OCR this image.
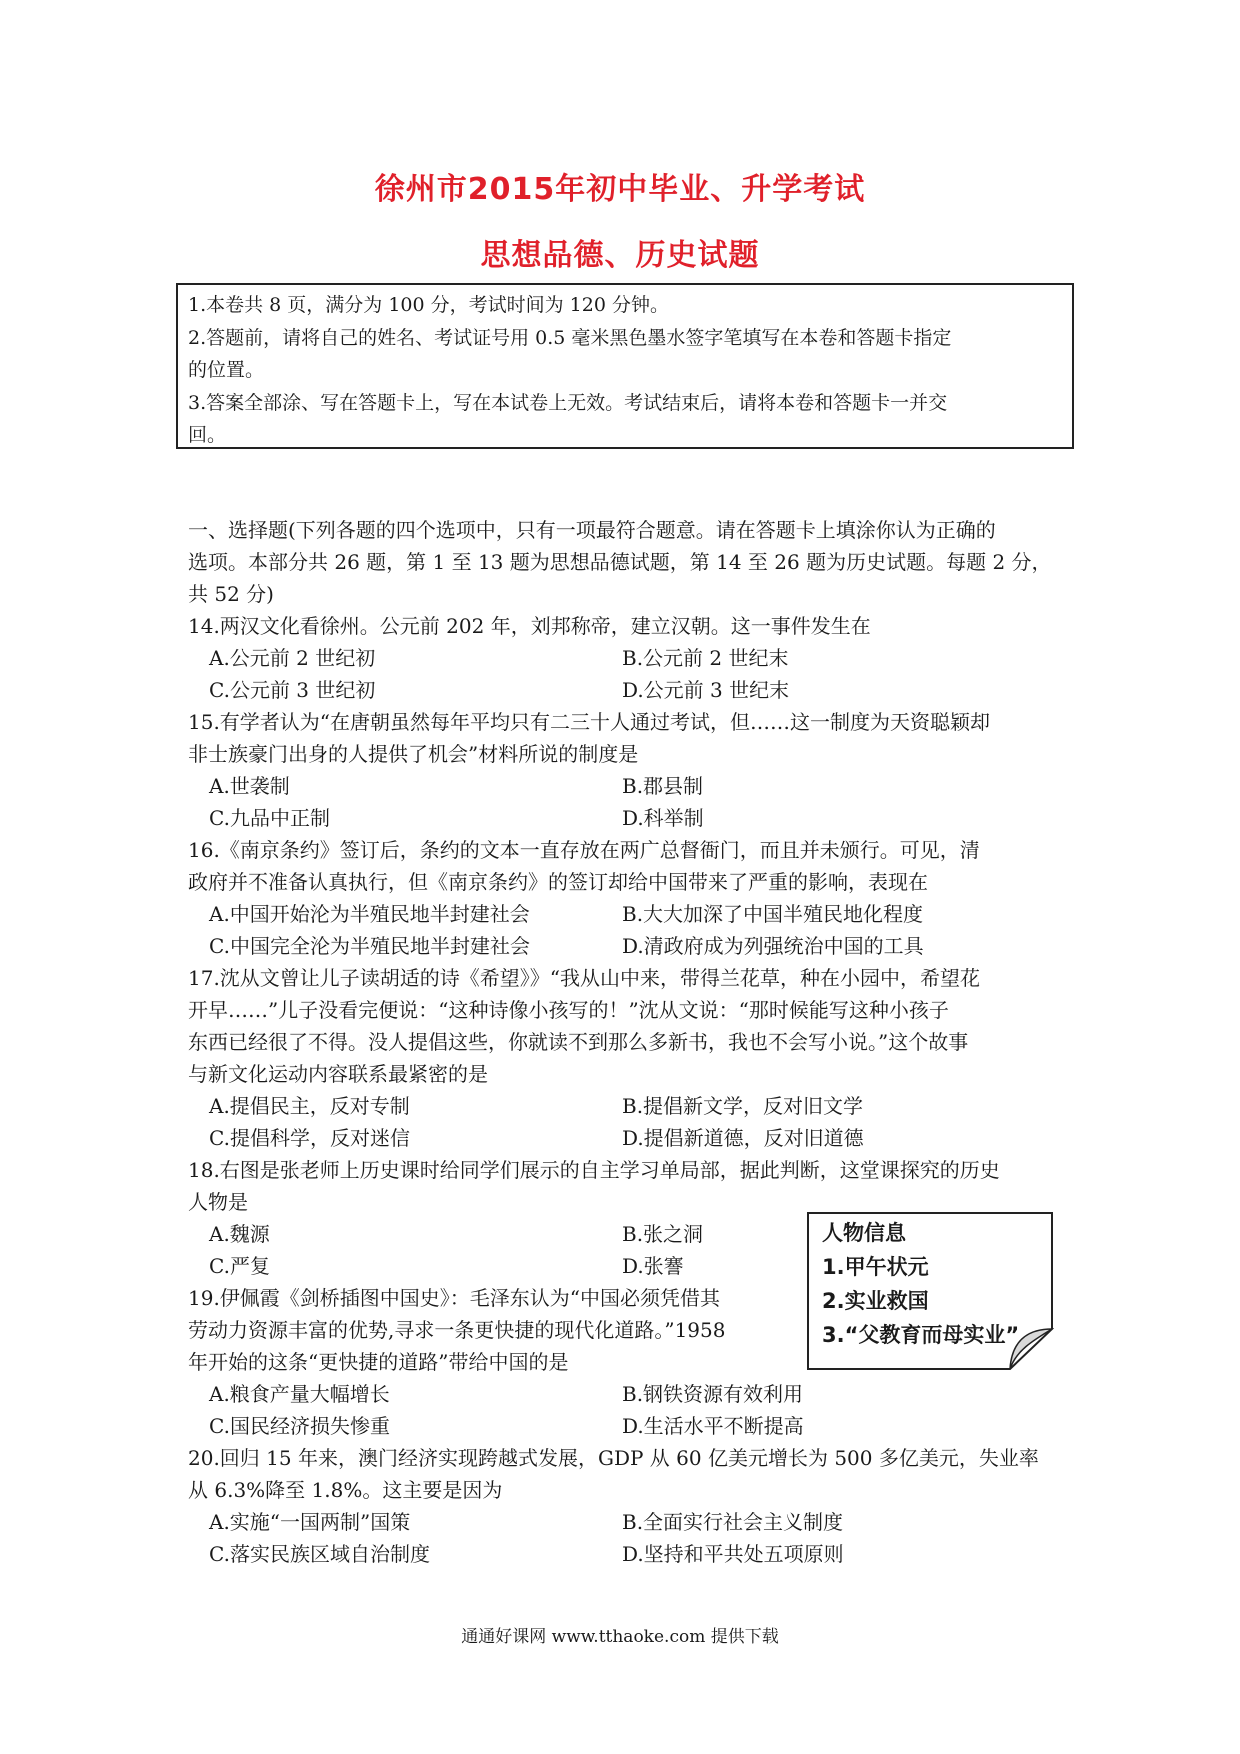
徐州市2015年初中毕业、升学考试
思想品德、历史试题

1.本卷共 8 页，满分为 100 分，考试时间为 120 分钟。

2.答题前，请将自己的姓名、考试证号用 0.5 毫米黑色墨水签字笔填写在本卷和答题卡指定

的位置。

3.答案全部涂、写在答题卡上，写在本试卷上无效。考试结束后，请将本卷和答题卡一并交

回。

一、选择题(下列各题的四个选项中，只有一项最符合题意。请在答题卡上填涂你认为正确的
选项。本部分共 26 题，第 1 至 13 题为思想品德试题，第 14 至 26 题为历史试题。每题 2 分，
共 52 分)
14.两汉文化看徐州。公元前 202 年，刘邦称帝，建立汉朝。这一事件发生在
A.公元前 2 世纪初	B.公元前 2 世纪末
C.公元前 3 世纪初	D.公元前 3 世纪末
15.有学者认为“在唐朝虽然每年平均只有二三十人通过考试，但……这一制度为天资聪颖却
非士族豪门出身的人提供了机会”材料所说的制度是
A.世袭制	B.郡县制
C.九品中正制	D.科举制
16.《南京条约》签订后，条约的文本一直存放在两广总督衙门，而且并未颁行。可见，清
政府并不准备认真执行，但《南京条约》的签订却给中国带来了严重的影响，表现在
A.中国开始沦为半殖民地半封建社会	B.大大加深了中国半殖民地化程度
C.中国完全沦为半殖民地半封建社会	D.清政府成为列强统治中国的工具
17.沈从文曾让儿子读胡适的诗《希望》》“我从山中来，带得兰花草，种在小园中，希望花
开早……”儿子没看完便说：“这种诗像小孩写的！”沈从文说：“那时候能写这种小孩子
东西已经很了不得。没人提倡这些，你就读不到那么多新书，我也不会写小说。”这个故事
与新文化运动内容联系最紧密的是
A.提倡民主，反对专制	B.提倡新文学，反对旧文学
C.提倡科学，反对迷信	D.提倡新道德，反对旧道德
18.右图是张老师上历史课时给同学们展示的自主学习单局部，据此判断，这堂课探究的历史
人物是
A.魏源	B.张之洞
C.严复	D.张謇
人物信息
1.甲午状元
2.实业救国
3.“父教育而母实业”
19.伊佩霞《剑桥插图中国史》：毛泽东认为“中国必须凭借其
劳动力资源丰富的优势,寻求一条更快捷的现代化道路。”1958
年开始的这条“更快捷的道路”带给中国的是
A.粮食产量大幅增长	B.钢铁资源有效利用
C.国民经济损失惨重	D.生活水平不断提高
20.回归 15 年来，澳门经济实现跨越式发展，GDP 从 60 亿美元增长为 500 多亿美元，失业率
从 6.3%降至 1.8%。这主要是因为
A.实施“一国两制”国策	B.全面实行社会主义制度
C.落实民族区域自治制度	D.坚持和平共处五项原则
通通好课网 www.tthaoke.com 提供下载
